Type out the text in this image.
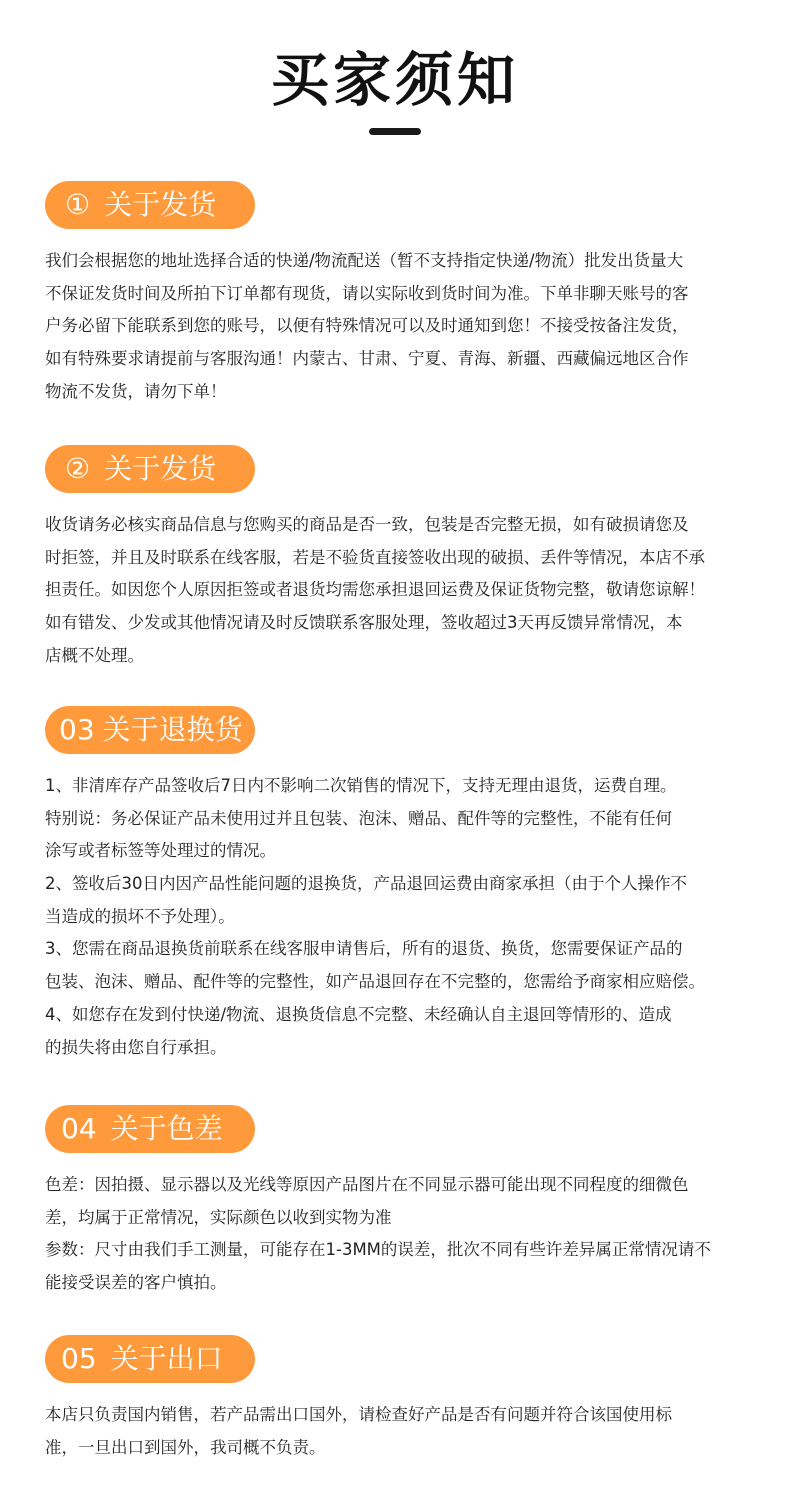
买家须知
① 关于发货
我们会根据您的地址选择合适的快递/物流配送（暂不支持指定快递/物流）批发出货量大
不保证发货时间及所拍下订单都有现货，请以实际收到货时间为准。下单非聊天账号的客
户务必留下能联系到您的账号，以便有特殊情况可以及时通知到您！不接受按备注发货，
如有特殊要求请提前与客服沟通！内蒙古、甘肃、宁夏、青海、新疆、西藏偏远地区合作
物流不发货，请勿下单！
② 关于发货
收货请务必核实商品信息与您购买的商品是否一致，包装是否完整无损，如有破损请您及
时拒签，并且及时联系在线客服，若是不验货直接签收出现的破损、丢件等情况，本店不承
担责任。如因您个人原因拒签或者退货均需您承担退回运费及保证货物完整，敬请您谅解！
如有错发、少发或其他情况请及时反馈联系客服处理，签收超过3天再反馈异常情况，本
店概不处理。
03 关于退换货
1、非清库存产品签收后7日内不影响二次销售的情况下，支持无理由退货，运费自理。
特别说：务必保证产品未使用过并且包装、泡沫、赠品、配件等的完整性，不能有任何
涂写或者标签等处理过的情况。
2、签收后30日内因产品性能问题的退换货，产品退回运费由商家承担（由于个人操作不
当造成的损坏不予处理）。
3、您需在商品退换货前联系在线客服申请售后，所有的退货、换货，您需要保证产品的
包装、泡沫、赠品、配件等的完整性，如产品退回存在不完整的，您需给予商家相应赔偿。
4、如您存在发到付快递/物流、退换货信息不完整、未经确认自主退回等情形的、造成
的损失将由您自行承担。
04 关于色差
色差：因拍摄、显示器以及光线等原因产品图片在不同显示器可能出现不同程度的细微色
差，均属于正常情况，实际颜色以收到实物为准
参数：尺寸由我们手工测量，可能存在1-3MM的误差，批次不同有些许差异属正常情况请不
能接受误差的客户慎拍。
05 关于出口
本店只负责国内销售，若产品需出口国外，请检查好产品是否有问题并符合该国使用标
准，一旦出口到国外，我司概不负责。
